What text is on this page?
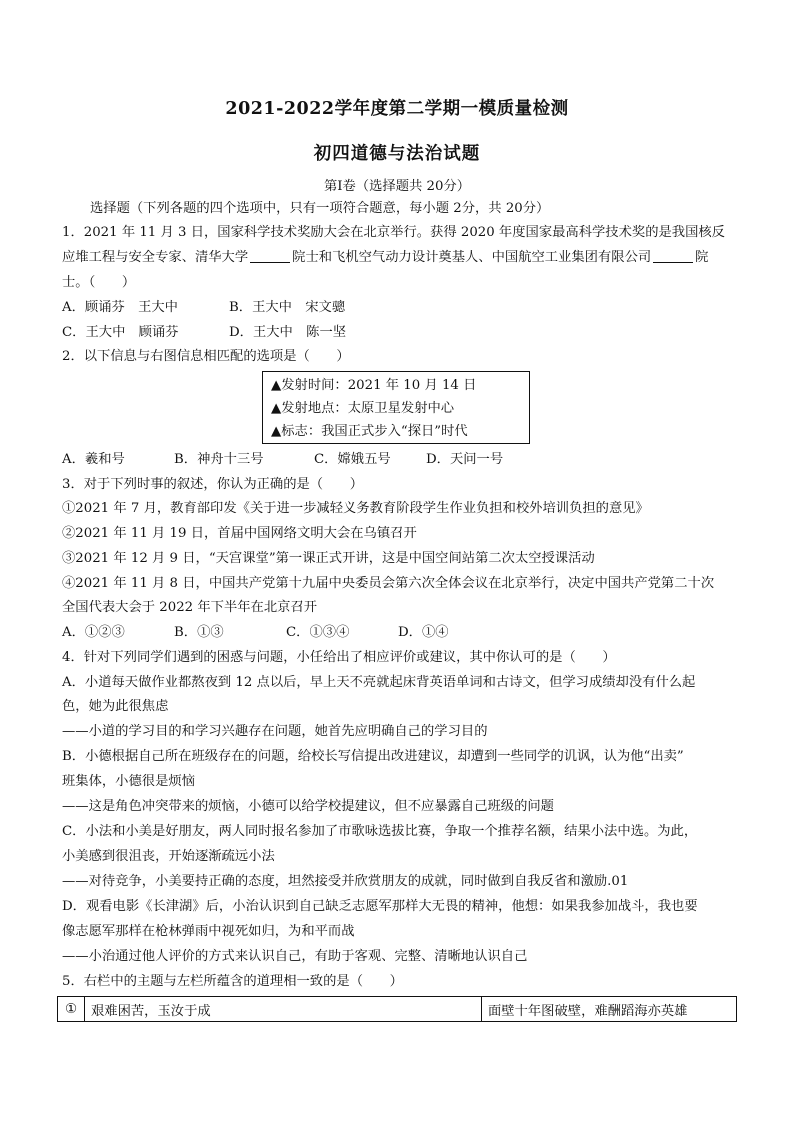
2021-2022学年度第二学期一模质量检测
初四道德与法治试题
第Ⅰ卷（选择题共 20分）
选择题（下列各题的四个选项中，只有一项符合题意，每小题 2分，共 20分）
1．2021 年 11 月 3 日，国家科学技术奖励大会在北京举行。获得 2020 年度国家最高科学技术奖的是我国核反
应堆工程与安全专家、清华大学	院士和飞机空气动力设计奠基人、中国航空工业集团有限公司	院
士。（　　）
A．顾诵芬　王大中	B．王大中　宋文骢
C．王大中　顾诵芬	D．王大中　陈一坚
2．以下信息与右图信息相匹配的选项是（　　）
▲发射时间：2021 年 10 月 14 日
▲发射地点：太原卫星发射中心
▲标志：我国正式步入“探日”时代
A．羲和号	B．神舟十三号	C．嫦娥五号	D．天问一号
3．对于下列时事的叙述，你认为正确的是（　　）
①2021 年 7 月，教育部印发《关于进一步减轻义务教育阶段学生作业负担和校外培训负担的意见》
②2021 年 11 月 19 日，首届中国网络文明大会在乌镇召开
③2021 年 12 月 9 日，“天宫课堂”第一课正式开讲，这是中国空间站第二次太空授课活动
④2021 年 11 月 8 日，中国共产党第十九届中央委员会第六次全体会议在北京举行，决定中国共产党第二十次
全国代表大会于 2022 年下半年在北京召开
A．①②③	B．①③	C．①③④	D．①④
4．针对下列同学们遇到的困惑与问题，小任给出了相应评价或建议，其中你认可的是（　　）
A．小道每天做作业都熬夜到 12 点以后，早上天不亮就起床背英语单词和古诗文，但学习成绩却没有什么起
色，她为此很焦虑
——小道的学习目的和学习兴趣存在问题，她首先应明确自己的学习目的
B．小德根据自己所在班级存在的问题，给校长写信提出改进建议，却遭到一些同学的讥讽，认为他“出卖”
班集体，小德很是烦恼
——这是角色冲突带来的烦恼，小德可以给学校提建议，但不应暴露自己班级的问题
C．小法和小美是好朋友，两人同时报名参加了市歌咏选拔比赛，争取一个推荐名额，结果小法中选。为此，
小美感到很沮丧，开始逐渐疏远小法
——对待竞争，小美要持正确的态度，坦然接受并欣赏朋友的成就，同时做到自我反省和激励.01
D．观看电影《长津湖》后，小治认识到自己缺乏志愿军那样大无畏的精神，他想：如果我参加战斗，我也要
像志愿军那样在枪林弹雨中视死如归，为和平而战
——小治通过他人评价的方式来认识自己，有助于客观、完整、清晰地认识自己
5．右栏中的主题与左栏所蕴含的道理相一致的是（　　）
①	艰难困苦，玉汝于成	面壁十年图破壁，难酬蹈海亦英雄
